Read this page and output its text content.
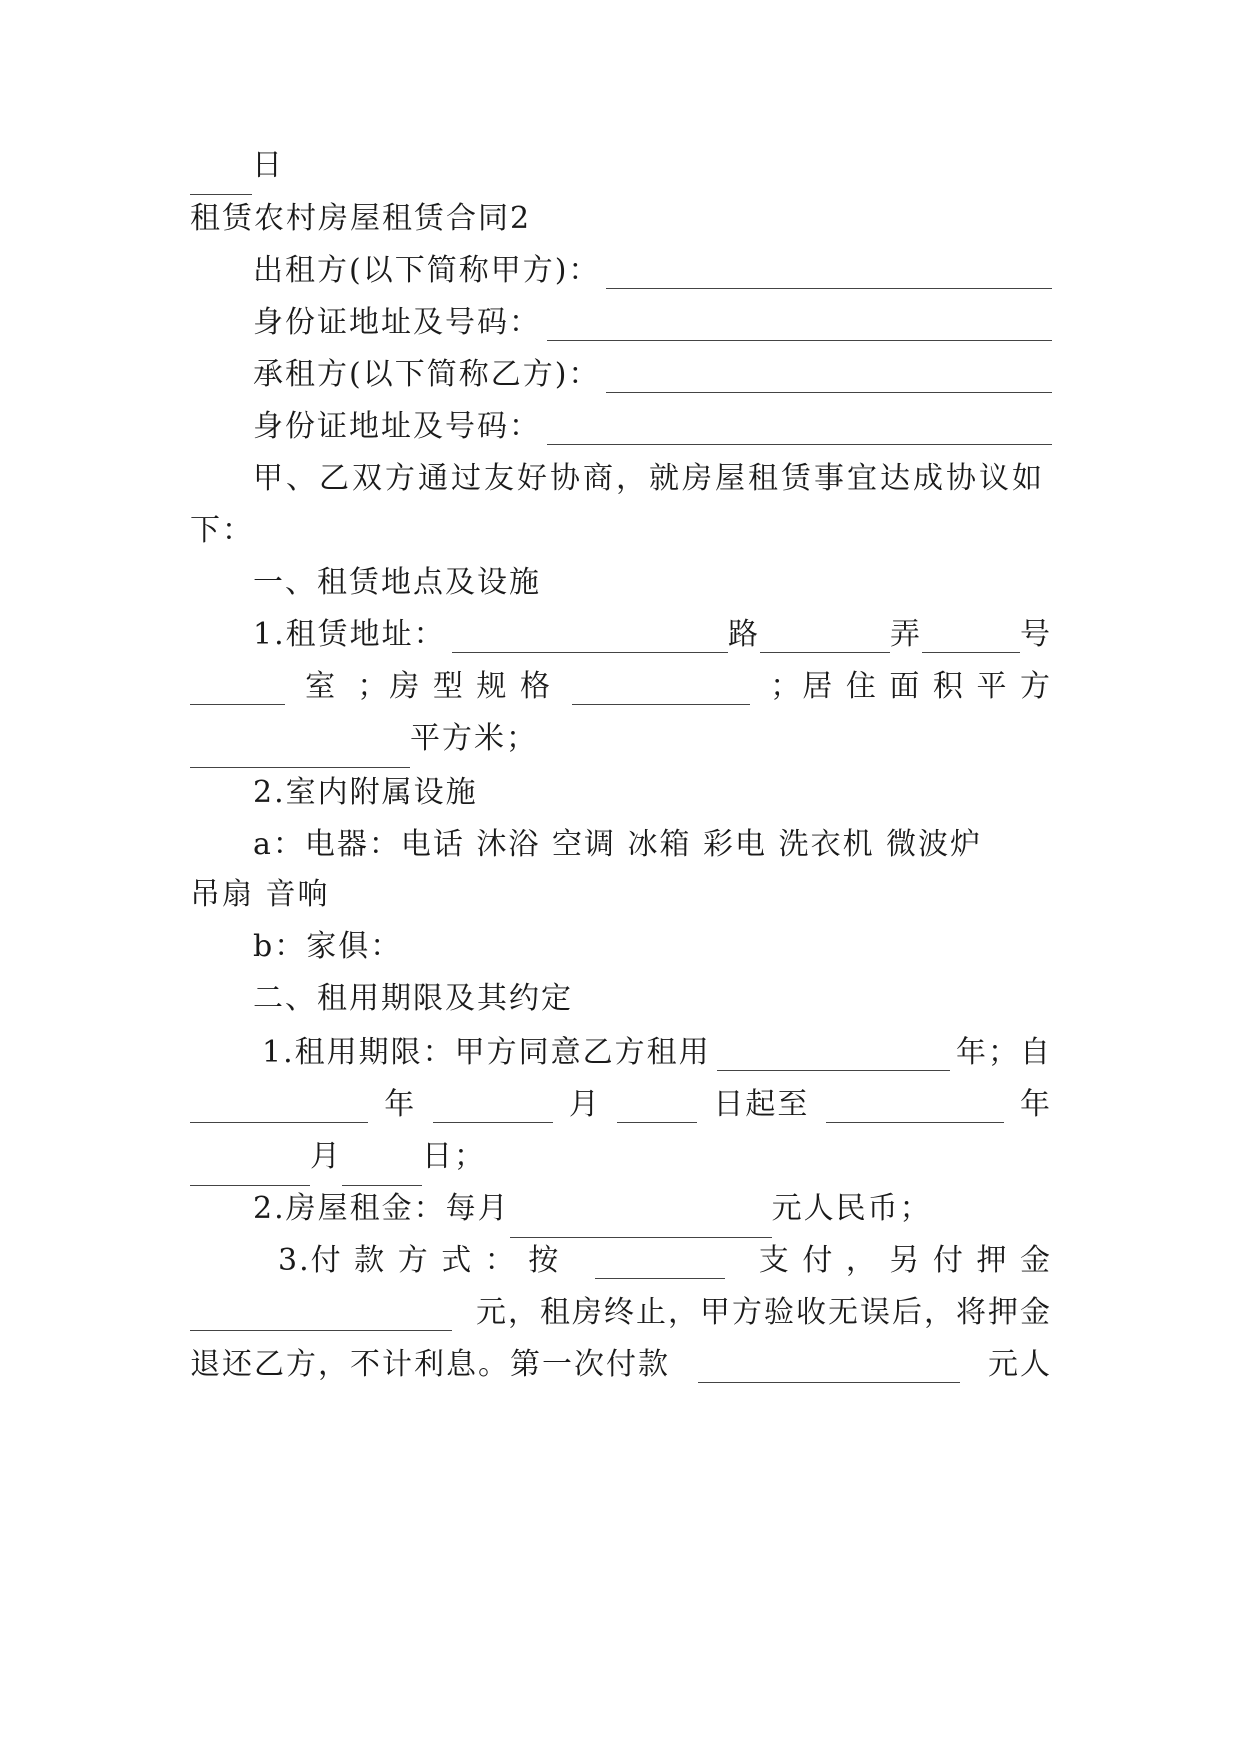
日
租赁农村房屋租赁合同2
出租方(以下简称甲方)：
身份证地址及号码：
承租方(以下简称乙方)：
身份证地址及号码：
甲、乙双方通过友好协商，就房屋租赁事宜达成协议如
下：
一、租赁地点及设施
1.租赁地址：	路	弄	号
室 ；房 型 规 格	；居 住 面 积 平 方
平方米；
2.室内附属设施
a：电器：电话 沐浴 空调 冰箱 彩电 洗衣机 微波炉
吊扇 音响
b：家俱：
二、租用期限及其约定
1.租用期限：甲方同意乙方租用	年；自
年	月	日起至	年
月	日；
2.房屋租金：每月	元人民币；
3.付 款 方 式 ： 按	支 付 ， 另 付 押 金
元，租房终止，甲方验收无误后，将押金
退还乙方，不计利息。第一次付款	元人
